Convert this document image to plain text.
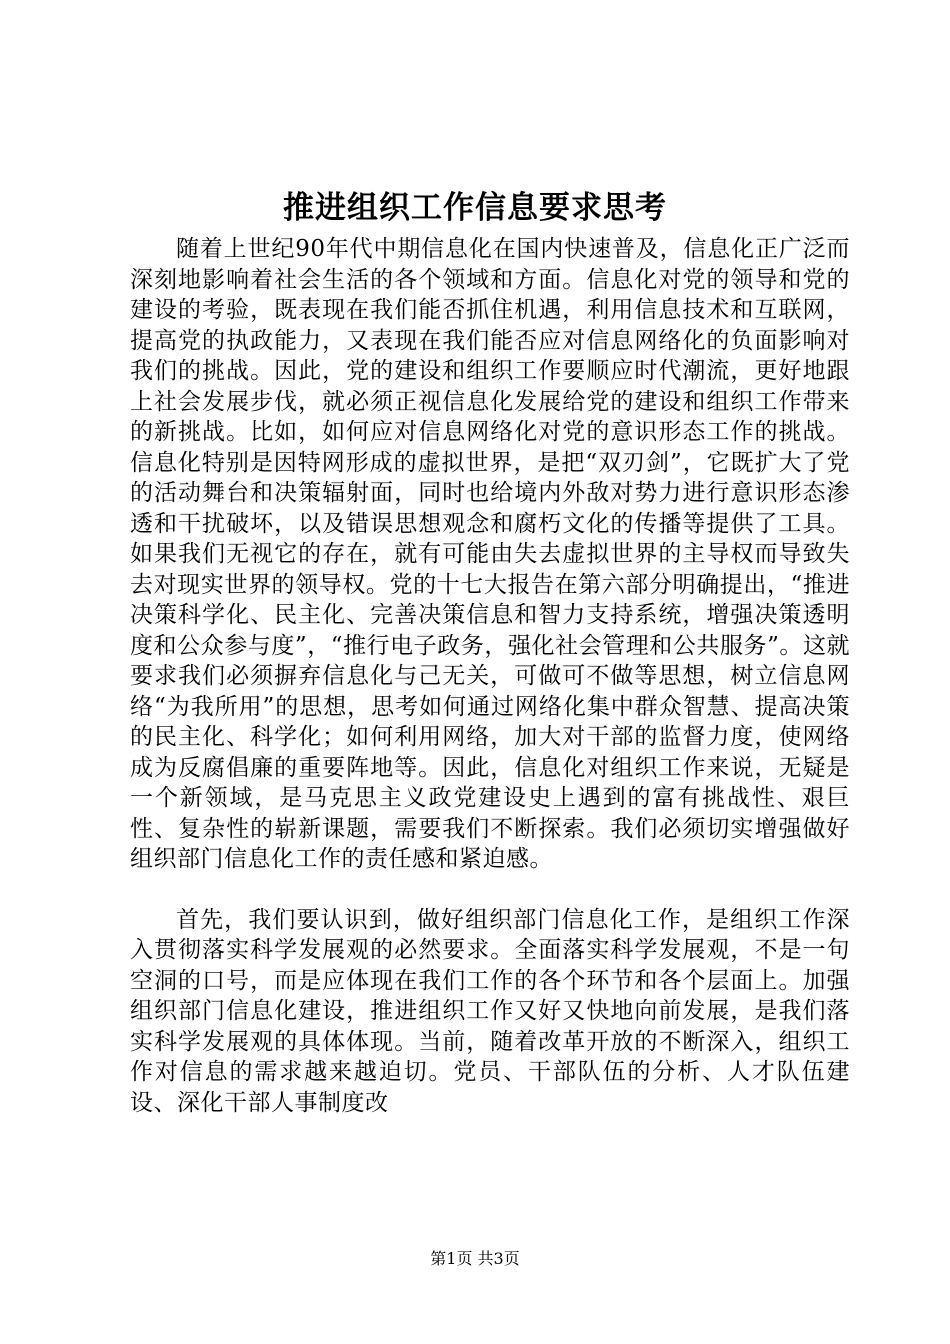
推进组织工作信息要求思考

随着上世纪90年代中期信息化在国内快速普及，信息化正广泛而深刻地影响着社会生活的各个领域和方面。信息化对党的领导和党的建设的考验，既表现在我们能否抓住机遇，利用信息技术和互联网，提高党的执政能力，又表现在我们能否应对信息网络化的负面影响对我们的挑战。因此，党的建设和组织工作要顺应时代潮流，更好地跟上社会发展步伐，就必须正视信息化发展给党的建设和组织工作带来的新挑战。比如，如何应对信息网络化对党的意识形态工作的挑战。信息化特别是因特网形成的虚拟世界，是把“双刃剑”，它既扩大了党的活动舞台和决策辐射面，同时也给境内外敌对势力进行意识形态渗透和干扰破坏，以及错误思想观念和腐朽文化的传播等提供了工具。如果我们无视它的存在，就有可能由失去虚拟世界的主导权而导致失去对现实世界的领导权。党的十七大报告在第六部分明确提出，“推进决策科学化、民主化、完善决策信息和智力支持系统，增强决策透明度和公众参与度”，“推行电子政务，强化社会管理和公共服务”。这就要求我们必须摒弃信息化与己无关，可做可不做等思想，树立信息网络“为我所用”的思想，思考如何通过网络化集中群众智慧、提高决策的民主化、科学化；如何利用网络，加大对干部的监督力度，使网络成为反腐倡廉的重要阵地等。因此，信息化对组织工作来说，无疑是一个新领域，是马克思主义政党建设史上遇到的富有挑战性、艰巨性、复杂性的崭新课题，需要我们不断探索。我们必须切实增强做好组织部门信息化工作的责任感和紧迫感。

首先，我们要认识到，做好组织部门信息化工作，是组织工作深入贯彻落实科学发展观的必然要求。全面落实科学发展观，不是一句空洞的口号，而是应体现在我们工作的各个环节和各个层面上。加强组织部门信息化建设，推进组织工作又好又快地向前发展，是我们落实科学发展观的具体体现。当前，随着改革开放的不断深入，组织工作对信息的需求越来越迫切。党员、干部队伍的分析、人才队伍建设、深化干部人事制度改

第1页 共3页
